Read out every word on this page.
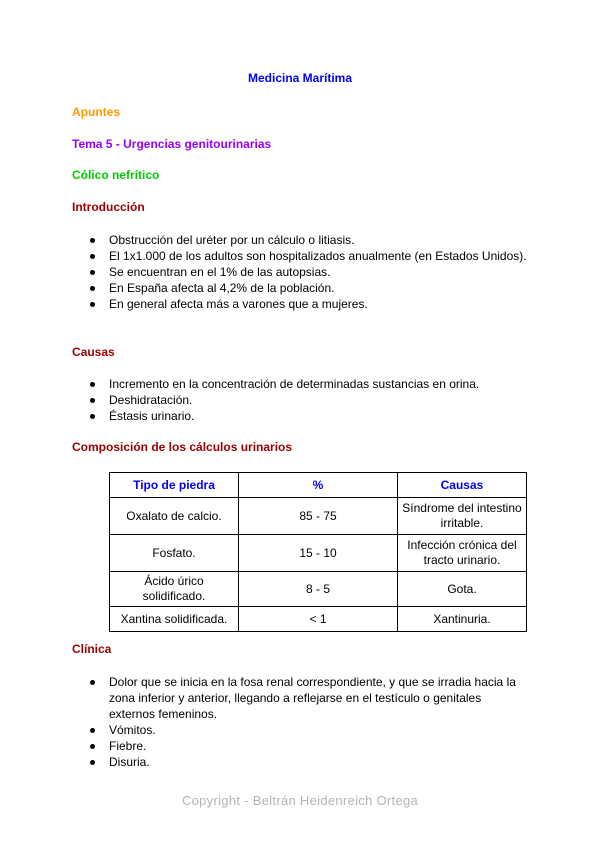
Medicina Marítima
Apuntes
Tema 5 - Urgencias genitourinarias
Cólico nefrítico
Introducción
Obstrucción del uréter por un cálculo o litiasis.
El 1x1.000 de los adultos son hospitalizados anualmente (en Estados Unidos).
Se encuentran en el 1% de las autopsias.
En España afecta al 4,2% de la población.
En general afecta más a varones que a mujeres.
Causas
Incremento en la concentración de determinadas sustancias en orina.
Deshidratación.
Éstasis urinario.
Composición de los cálculos urinarios
Tipo de piedra	%	Causas
Oxalato de calcio.	85 - 75	Síndrome del intestino irritable.
Fosfato.	15 - 10	Infección crónica del tracto urinario.
Ácido úrico solidificado.	8 - 5	Gota.
Xantina solidificada.	< 1	Xantinuria.
Clínica
Dolor que se inicia en la fosa renal correspondiente, y que se irradia hacia la zona inferior y anterior, llegando a reflejarse en el testículo o genitales externos femeninos.
Vómitos.
Fiebre.
Disuria.
Copyright - Beltrán Heidenreich Ortega
